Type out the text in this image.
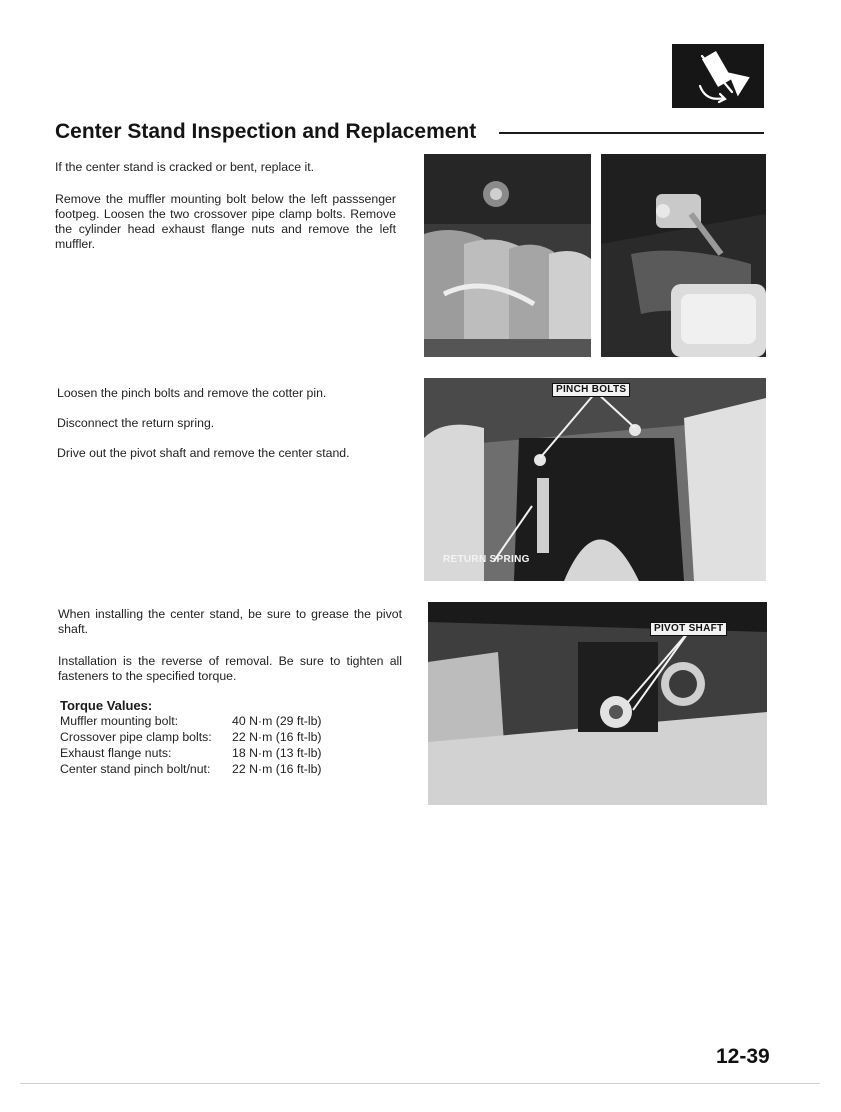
Center Stand Inspection and Replacement

If the center stand is cracked or bent, replace it.

Remove the muffler mounting bolt below the left passsenger footpeg. Loosen the two crossover pipe clamp bolts. Remove the cylinder head exhaust flange nuts and remove the left muffler.

Loosen the pinch bolts and remove the cotter pin.

Disconnect the return spring.

Drive out the pivot shaft and remove the center stand.

When installing the center stand, be sure to grease the pivot shaft.

Installation is the reverse of removal. Be sure to tighten all fasteners to the specified torque.

Torque Values:

Muffler mounting bolt:	40 N·m (29 ft-lb)
Crossover pipe clamp bolts: 22 N·m (16 ft-lb)
Exhaust flange nuts:	18 N·m (13 ft-lb)
Center stand pinch bolt/nut: 22 N·m (16 ft-lb)
PINCH BOLTS
RETURN SPRING
PIVOT SHAFT

12-39
